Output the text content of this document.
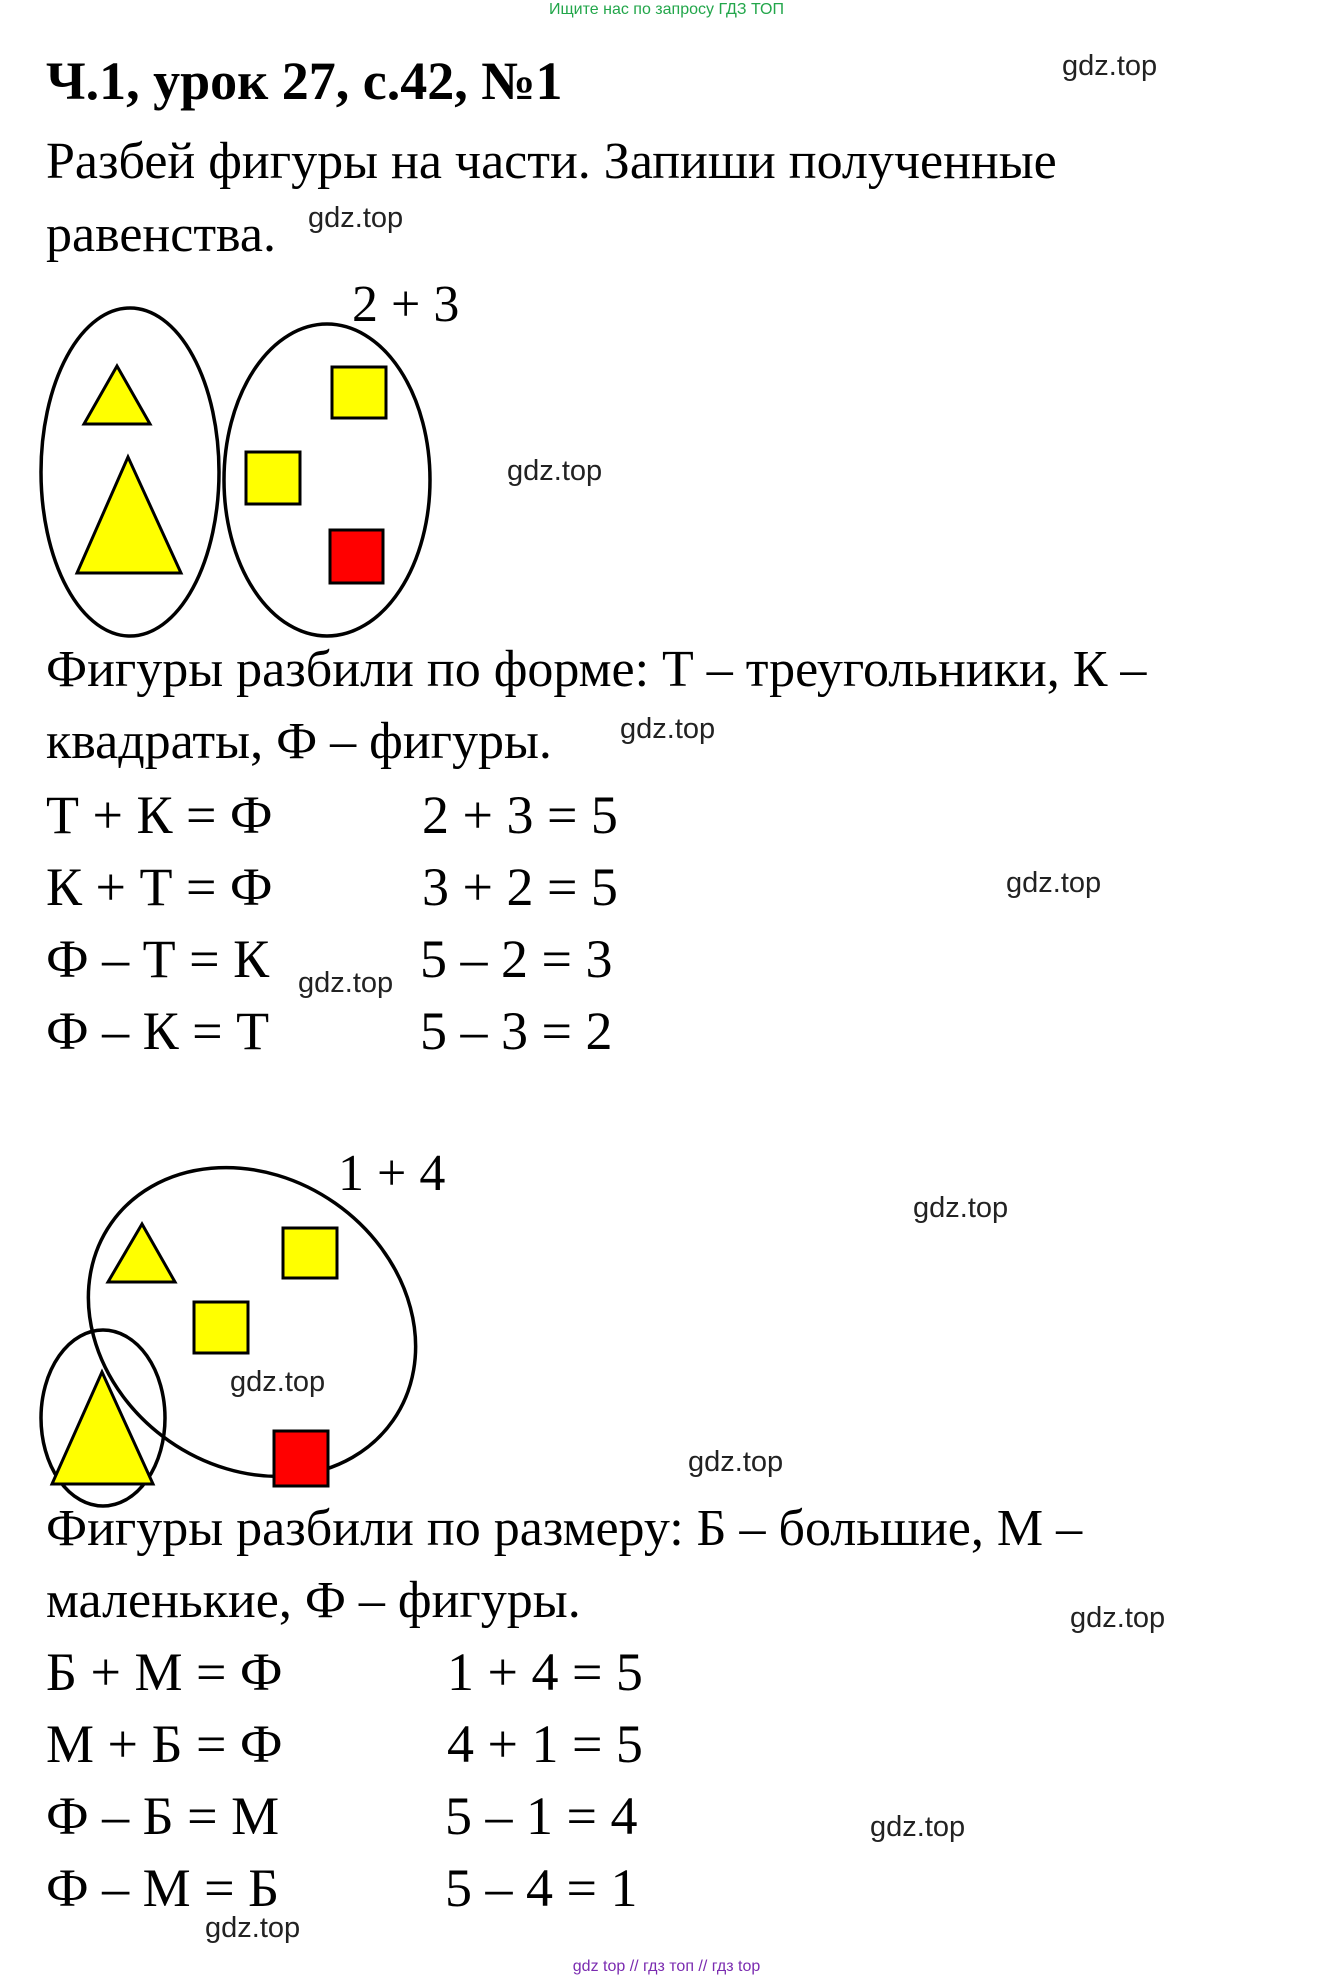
Ищите нас по запросу ГДЗ ТОП
Ч.1, урок 27, с.42, №1
Разбей фигуры на части. Запиши полученные
равенства.
gdz.top
gdz.top
gdz.top
gdz.top
gdz.top
gdz.top
gdz.top
gdz.top
gdz.top
gdz.top
gdz.top
gdz.top
2 + 3
Фигуры разбили по форме: Т – треугольники, К –
квадраты, Ф – фигуры.
Т + К = Ф	2 + 3 = 5
К + Т = Ф	3 + 2 = 5
Ф – Т = К	5 – 2 = 3
Ф – К = Т	5 – 3 = 2
1 + 4
Фигуры разбили по размеру: Б – большие, М –
маленькие, Ф – фигуры.
Б + М = Ф	1 + 4 = 5
М + Б = Ф	4 + 1 = 5
Ф – Б = М	5 – 1 = 4
Ф – М = Б	5 – 4 = 1
gdz top // гдз топ // гдз top
